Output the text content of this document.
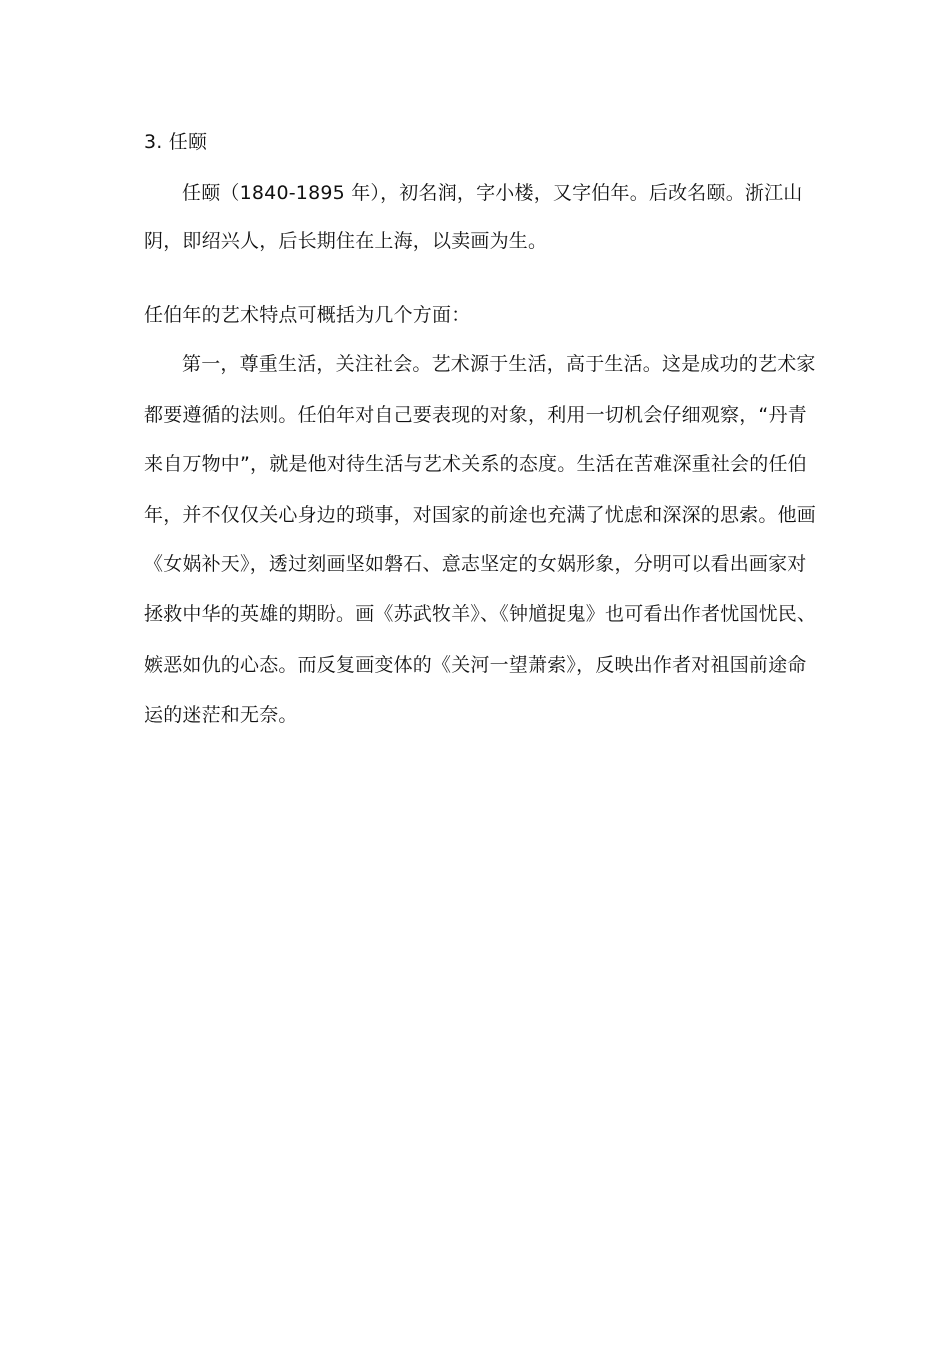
3. 任颐
任颐（1840-1895 年），初名润，字小楼，又字伯年。后改名颐。浙江山
阴，即绍兴人，后长期住在上海，以卖画为生。
任伯年的艺术特点可概括为几个方面：
第一，尊重生活，关注社会。艺术源于生活，高于生活。这是成功的艺术家
都要遵循的法则。任伯年对自己要表现的对象，利用一切机会仔细观察，“丹青
来自万物中”，就是他对待生活与艺术关系的态度。生活在苦难深重社会的任伯
年，并不仅仅关心身边的琐事，对国家的前途也充满了忧虑和深深的思索。他画
《女娲补天》，透过刻画坚如磐石、意志坚定的女娲形象，分明可以看出画家对
拯救中华的英雄的期盼。画《苏武牧羊》、《钟馗捉鬼》也可看出作者忧国忧民、
嫉恶如仇的心态。而反复画变体的《关河一望萧索》，反映出作者对祖国前途命
运的迷茫和无奈。
